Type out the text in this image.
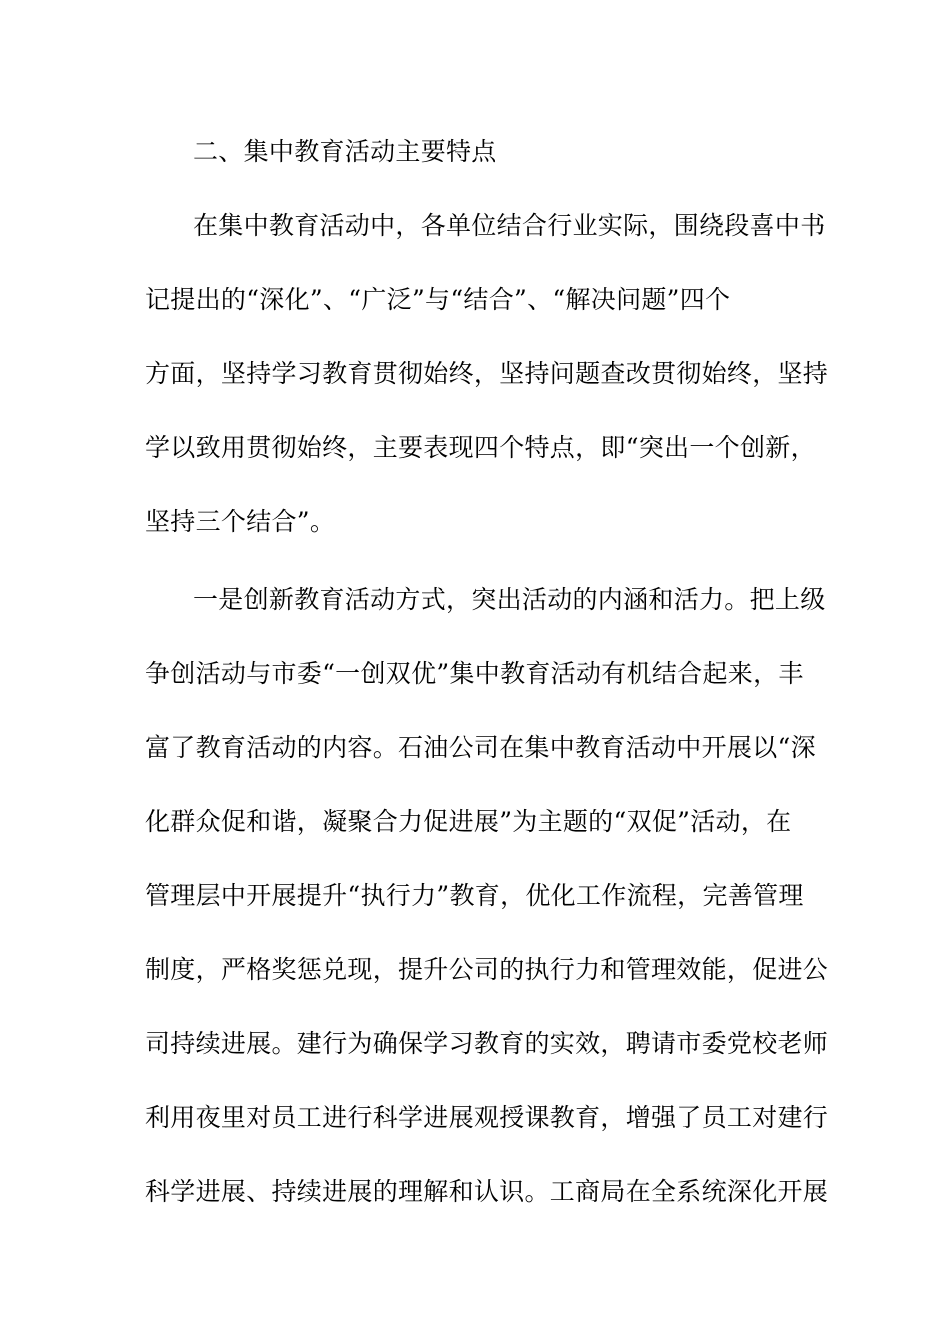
二、集中教育活动主要特点
在集中教育活动中，各单位结合行业实际，围绕段喜中书
记提出的“深化”、“广泛”与“结合”、“解决问题”四个
方面，坚持学习教育贯彻始终，坚持问题查改贯彻始终，坚持
学以致用贯彻始终，主要表现四个特点，即“突出一个创新，
坚持三个结合”。
一是创新教育活动方式，突出活动的内涵和活力。把上级
争创活动与市委“一创双优”集中教育活动有机结合起来，丰
富了教育活动的内容。石油公司在集中教育活动中开展以“深
化群众促和谐，凝聚合力促进展”为主题的“双促”活动，在
管理层中开展提升“执行力”教育，优化工作流程，完善管理
制度，严格奖惩兑现，提升公司的执行力和管理效能，促进公
司持续进展。建行为确保学习教育的实效，聘请市委党校老师
利用夜里对员工进行科学进展观授课教育，增强了员工对建行
科学进展、持续进展的理解和认识。工商局在全系统深化开展
